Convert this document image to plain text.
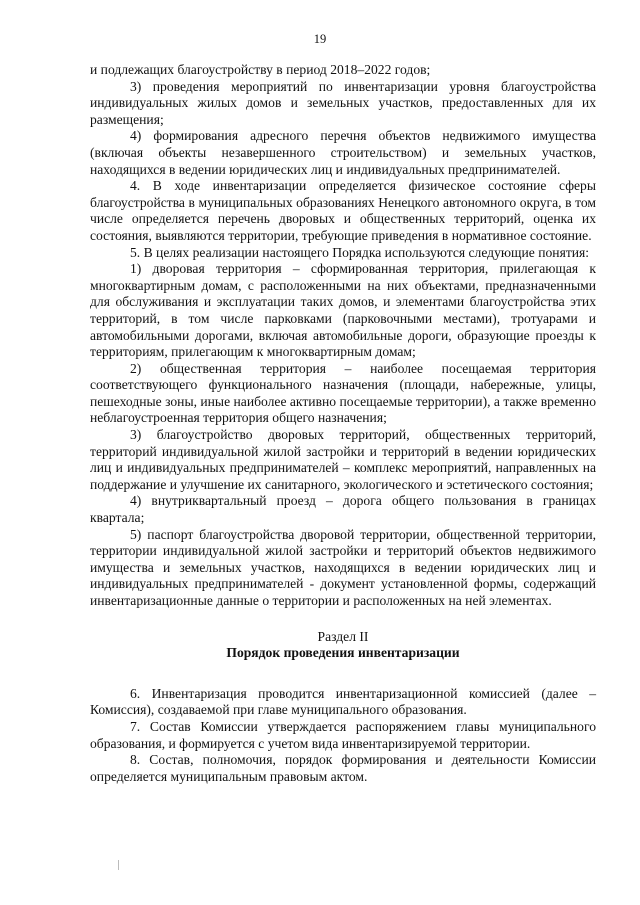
19

и подлежащих благоустройству в период 2018–2022 годов;

3) проведения мероприятий по инвентаризации уровня благоустройства индивидуальных жилых домов и земельных участков, предоставленных для их размещения;

4) формирования адресного перечня объектов недвижимого имущества (включая объекты незавершенного строительством) и земельных участков, находящихся в ведении юридических лиц и индивидуальных предпринимателей.

4. В ходе инвентаризации определяется физическое состояние сферы благоустройства в муниципальных образованиях Ненецкого автономного округа, в том числе определяется перечень дворовых и общественных территорий, оценка их состояния, выявляются территории, требующие приведения в нормативное состояние.

5. В целях реализации настоящего Порядка используются следующие понятия:

1) дворовая территория – сформированная территория, прилегающая к многоквартирным домам, с расположенными на них объектами, предназначенными для обслуживания и эксплуатации таких домов, и элементами благоустройства этих территорий, в том числе парковками (парковочными местами), тротуарами и автомобильными дорогами, включая автомобильные дороги, образующие проезды к территориям, прилегающим к многоквартирным домам;

2) общественная территория – наиболее посещаемая территория соответствующего функционального назначения (площади, набережные, улицы, пешеходные зоны, иные наиболее активно посещаемые территории), а также временно неблагоустроенная территория общего назначения;

3) благоустройство дворовых территорий, общественных территорий, территорий индивидуальной жилой застройки и территорий в ведении юридических лиц и индивидуальных предпринимателей – комплекс мероприятий, направленных на поддержание и улучшение их санитарного, экологического и эстетического состояния;

4) внутриквартальный проезд – дорога общего пользования в границах квартала;

5) паспорт благоустройства дворовой территории, общественной территории, территории индивидуальной жилой застройки и территорий объектов недвижимого имущества и земельных участков, находящихся в ведении юридических лиц и индивидуальных предпринимателей - документ установленной формы, содержащий инвентаризационные данные о территории и расположенных на ней элементах.

Раздел II

Порядок проведения инвентаризации

6. Инвентаризация проводится инвентаризационной комиссией (далее – Комиссия), создаваемой при главе муниципального образования.

7. Состав Комиссии утверждается распоряжением главы муниципального образования, и формируется с учетом вида инвентаризируемой территории.

8. Состав, полномочия, порядок формирования и деятельности Комиссии определяется муниципальным правовым актом.
